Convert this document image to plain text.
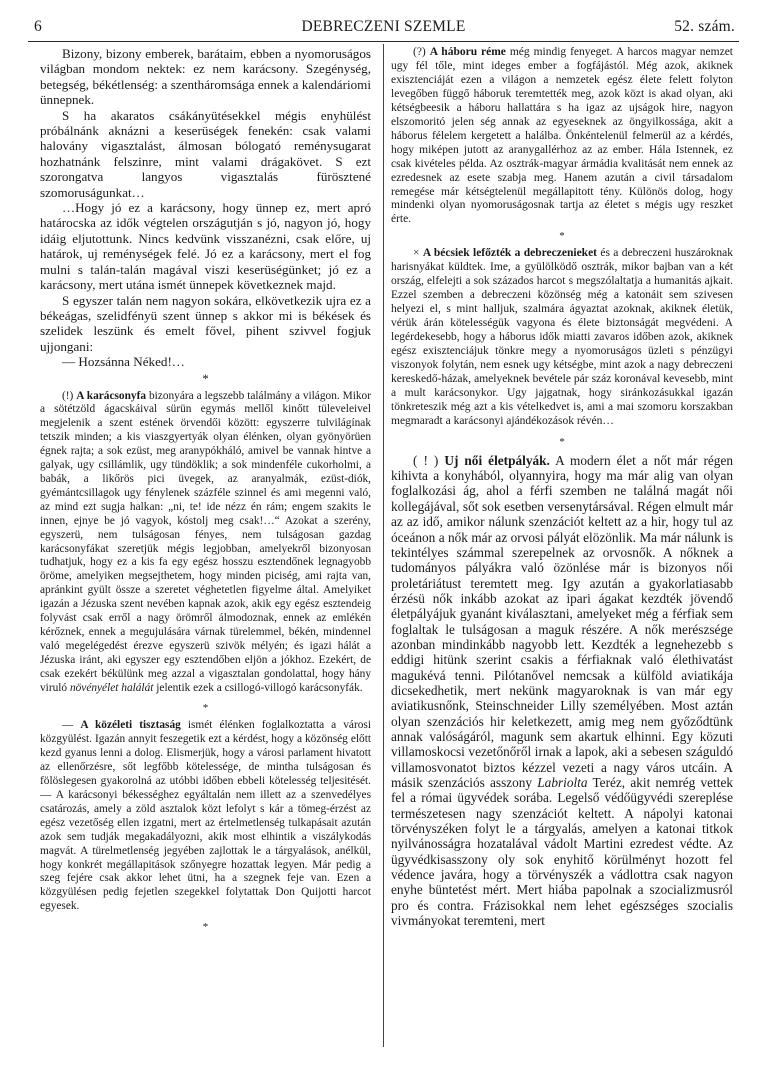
6	DEBRECZENI SZEMLE	52. szám.

Bizony, bizony emberek, barátaim, ebben a nyomoruságos világban mondom nektek: ez nem karácsony. Szegénység, betegség, békétlenség: a szentháromsága ennek a kalendáriomi ünnepnek.

S ha akaratos csákányütésekkel mégis enyhülést próbálnánk aknázni a keserüségek fenekén: csak valami halovány vigasztalást, álmosan bólogató reménysugarat hozhatnánk felszinre, mint valami drágakövet. S ezt szorongatva langyos vigasztalás fürösztené szomoruságunkat…

…Hogy jó ez a karácsony, hogy ünnep ez, mert apró határocska az idők végtelen országutján s jó, nagyon jó, hogy idáig eljutottunk. Nincs kedvünk visszanézni, csak előre, uj határok, uj reménységek felé. Jó ez a karácsony, mert el fog mulni s talán-talán magával viszi keserüségünket; jó ez a karácsony, mert utána ismét ünnepek következnek majd.

S egyszer talán nem nagyon sokára, elkövetkezik ujra ez a békeágas, szelidfényü szent ünnep s akkor mi is békések és szelidek leszünk és emelt fővel, pihent szivvel fogjuk ujjongani:

— Hozsánna Néked!…

*

(!) A karácsonyfa bizonyára a legszebb találmány a világon. Mikor a sötétzöld ágacskáival sürün egymás mellől kinőtt tüleveleivel megjelenik a szent estének örvendői között: egyszerre tulvilágínak tetszik minden; a kis viaszgyertyák olyan élénken, olyan gyönyörüen égnek rajta; a sok ezüst, meg aranypókháló, amivel be vannak hintve a galyak, ugy csillámlik, ugy tündöklik; a sok mindenféle cukorholmi, a babák, a likőrös pici üvegek, az aranyalmák, ezüst-diók, gyémántcsillagok ugy fénylenek százféle szinnel és ami megenni való, az mind ezt sugja halkan: „ni, te! ide nézz én rám; engem szakits le innen, ejnye be jó vagyok, kóstolj meg csak!…“ Azokat a szerény, egyszerü, nem tulságosan fényes, nem tulságosan gazdag karácsonyfákat szeretjük mégis legjobban, amelyekről bizonyosan tudhatjuk, hogy ez a kis fa egy egész hosszu esztendőnek legnagyobb öröme, amelyiken megsejthetem, hogy minden piciség, ami rajta van, apránkint gyült össze a szeretet véghetetlen figyelme által. Amelyiket igazán a Jézuska szent nevében kapnak azok, akik egy egész esztendeig folyvást csak erről a nagy örömről álmodoznak, ennek az emlékén kérőznek, ennek a megujulására várnak türelemmel, békén, mindennel való megelégedést érezve egyszerü szivök mélyén; és igazi hálát a Jézuska iránt, aki egyszer egy esztendőben eljön a jókhoz. Ezekért, de csak ezekért békülünk meg azzal a vigasztalan gondolattal, hogy hány viruló növényélet halálát jelentik ezek a csillogó-villogó karácsonyfák.

*

— A közéleti tisztaság ismét élénken foglalkoztatta a városi közgyülést. Igazán annyit feszegetik ezt a kérdést, hogy a közönség előtt kezd gyanus lenni a dolog. Elismerjük, hogy a városi parlament hivatott az ellenőrzésre, sőt legfőbb kötelessége, de mintha tulságosan és fölöslegesen gyakorolná az utóbbi időben ebbeli kötelesség teljesitését. — A karácsonyi békességhez egyáltalán nem illett az a szenvedélyes csatározás, amely a zöld asztalok közt lefolyt s kár a tömeg-érzést az egész vezetőség ellen izgatni, mert az értelmetlenség tulkapásait azután azok sem tudják megakadályozni, akik most elhintik a viszálykodás magvát. A türelmetlenség jegyében zajlottak le a tárgyalások, anélkül, hogy konkrét megállapitások szőnyegre hozattak legyen. Már pedig a szeg fejére csak akkor lehet ütni, ha a szegnek feje van. Ezen a közgyülésen pedig fejetlen szegekkel folytattak Don Quijotti harcot egyesek.

*

(?) A háboru réme még mindig fenyeget. A harcos magyar nemzet ugy fél tőle, mint ideges ember a fogfájástól. Még azok, akiknek exisztenciáját ezen a világon a nemzetek egész élete felett folyton levegőben függő háboruk teremtették meg, azok közt is akad olyan, aki kétségbeesik a háboru hallattára s ha igaz az ujságok hire, nagyon elszomoritó jelen ség annak az egyeseknek az öngyilkossága, akit a háborus félelem kergetett a halálba. Önkéntelenül felmerül az a kérdés, hogy miképen jutott az aranygallérhoz az az ember. Hála Istennek, ez csak kivételes példa. Az osztrák-magyar ármádia kvalitását nem ennek az ezredesnek az esete szabja meg. Hanem azután a civil társadalom remegése már kétségtelenül megállapitott tény. Különös dolog, hogy mindenki olyan nyomoruságosnak tartja az életet s mégis ugy reszket érte.

*

× A bécsiek lefőzték a debreczenieket és a debreczeni huszároknak harisnyákat küldtek. Ime, a gyülölködő osztrák, mikor bajban van a két ország, elfelejti a sok százados harcot s megszólaltatja a humanitás ajkait. Ezzel szemben a debreczeni közönség még a katonáit sem szivesen helyezi el, s mint halljuk, szalmára ágyaztat azoknak, akiknek életük, vérük árán kötelességük vagyona és élete biztonságát megvédeni. A legérdekesebb, hogy a háborus idők miatti zavaros időben azok, akiknek egész exisztenciájuk tönkre megy a nyomoruságos üzleti s pénzügyi viszonyok folytán, nem esnek ugy kétségbe, mint azok a nagy debreczeni kereskedő-házak, amelyeknek bevétele pár száz koronával kevesebb, mint a mult karácsonykor. Ugy jajgatnak, hogy siránkozásukkal igazán tönkreteszik még azt a kis vételkedvet is, ami a mai szomoru korszakban megmaradt a karácsonyi ajándékozások révén…

*

( ! ) Uj női életpályák. A modern élet a nőt már régen kihivta a konyhából, olyannyira, hogy ma már alig van olyan foglalkozási ág, ahol a férfi szemben ne találná magát női kollegájával, sőt sok esetben versenytársával. Régen elmult már az az idő, amikor nálunk szenzációt keltett az a hir, hogy tul az óceánon a nők már az orvosi pályát elözönlik. Ma már nálunk is tekintélyes számmal szerepelnek az orvosnők. A nőknek a tudományos pályákra való özönlése már is bizonyos női proletáriátust teremtett meg. Igy azután a gyakorlatiasabb érzésü nők inkább azokat az ipari ágakat kezdték jövendő életpályájuk gyanánt kiválasztani, amelyeket még a férfiak sem foglaltak le tulságosan a maguk részére. A nők merészsége azonban mindinkább nagyobb lett. Kezdték a legnehezebb s eddigi hitünk szerint csakis a férfiaknak való élethivatást magukévá tenni. Pilótanővel nemcsak a külföld aviatikája dicsekedhetik, mert nekünk magyaroknak is van már egy aviatikusnőnk, Steinschneider Lilly személyében. Most aztán olyan szenzációs hir keletkezett, amig meg nem győződtünk annak valóságáról, magunk sem akartuk elhinni. Egy közuti villamoskocsi vezetőnőről irnak a lapok, aki a sebesen száguldó villamosvonatot biztos kézzel vezeti a nagy város utcáin. A másik szenzációs asszony Labriolta Teréz, akit nemrég vettek fel a római ügyvédek sorába. Legelső védőügyvédi szereplése természetesen nagy szenzációt keltett. A nápolyi katonai törvényszéken folyt le a tárgyalás, amelyen a katonai titkok nyilvánosságra hozatalával vádolt Martini ezredest védte. Az ügyvédkisasszony oly sok enyhitő körülményt hozott fel védence javára, hogy a törvényszék a vádlottra csak nagyon enyhe büntetést mért. Mert hiába papolnak a szocializmusról pro és contra. Frázisokkal nem lehet egészséges szocialis vivmányokat teremteni, mert
